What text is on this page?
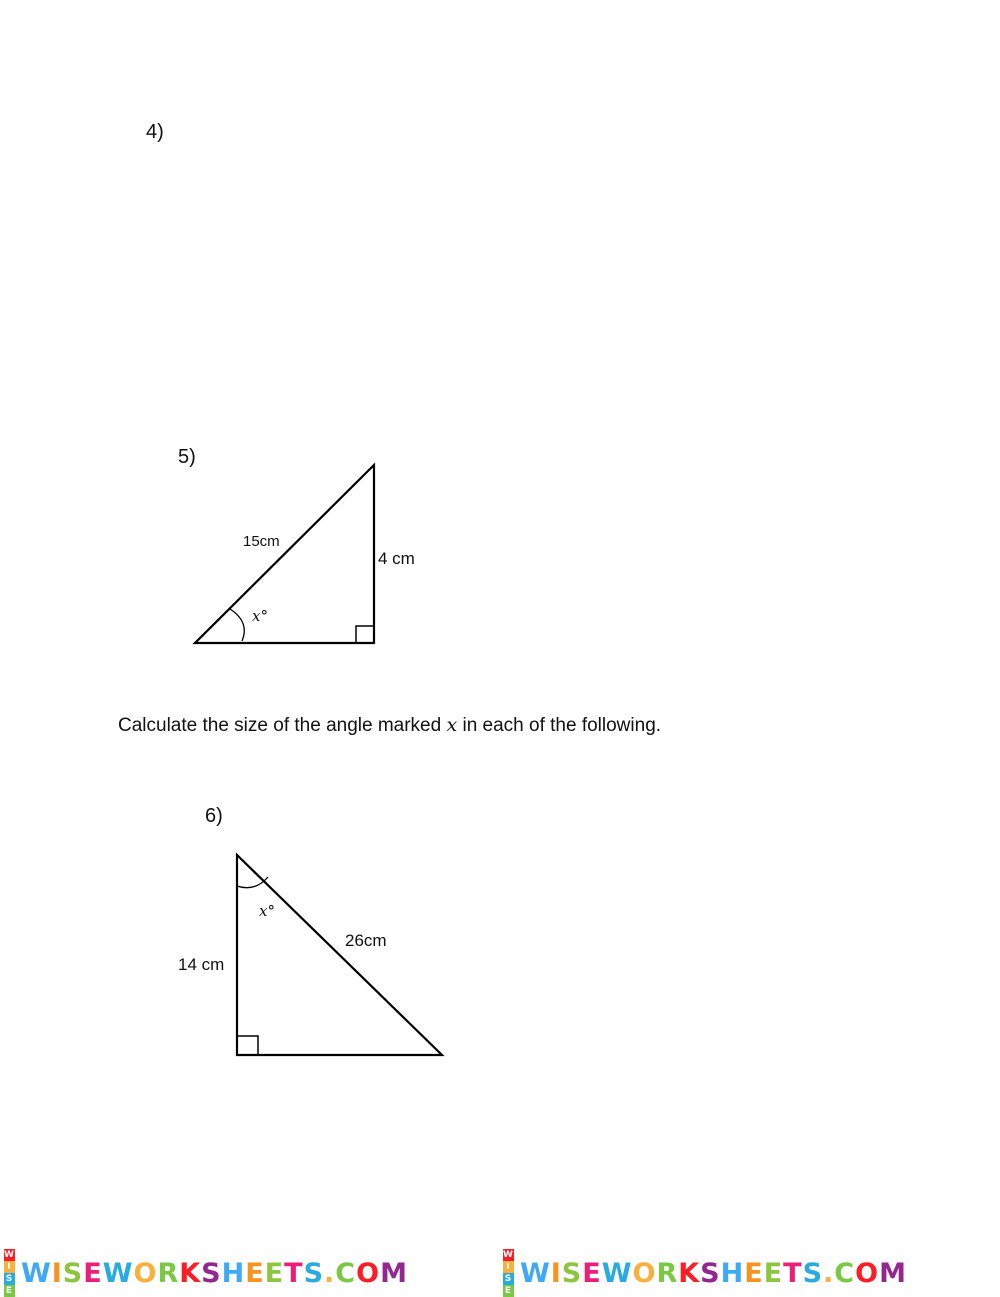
4)
5)
15cm
4 cm
x°
Calculate the size of the angle marked x in each of the following.
6)
x°
26cm
14 cm
W
I
S
E
WISEWORKSHEETS.COM
W
I
S
E
WISEWORKSHEETS.COM
